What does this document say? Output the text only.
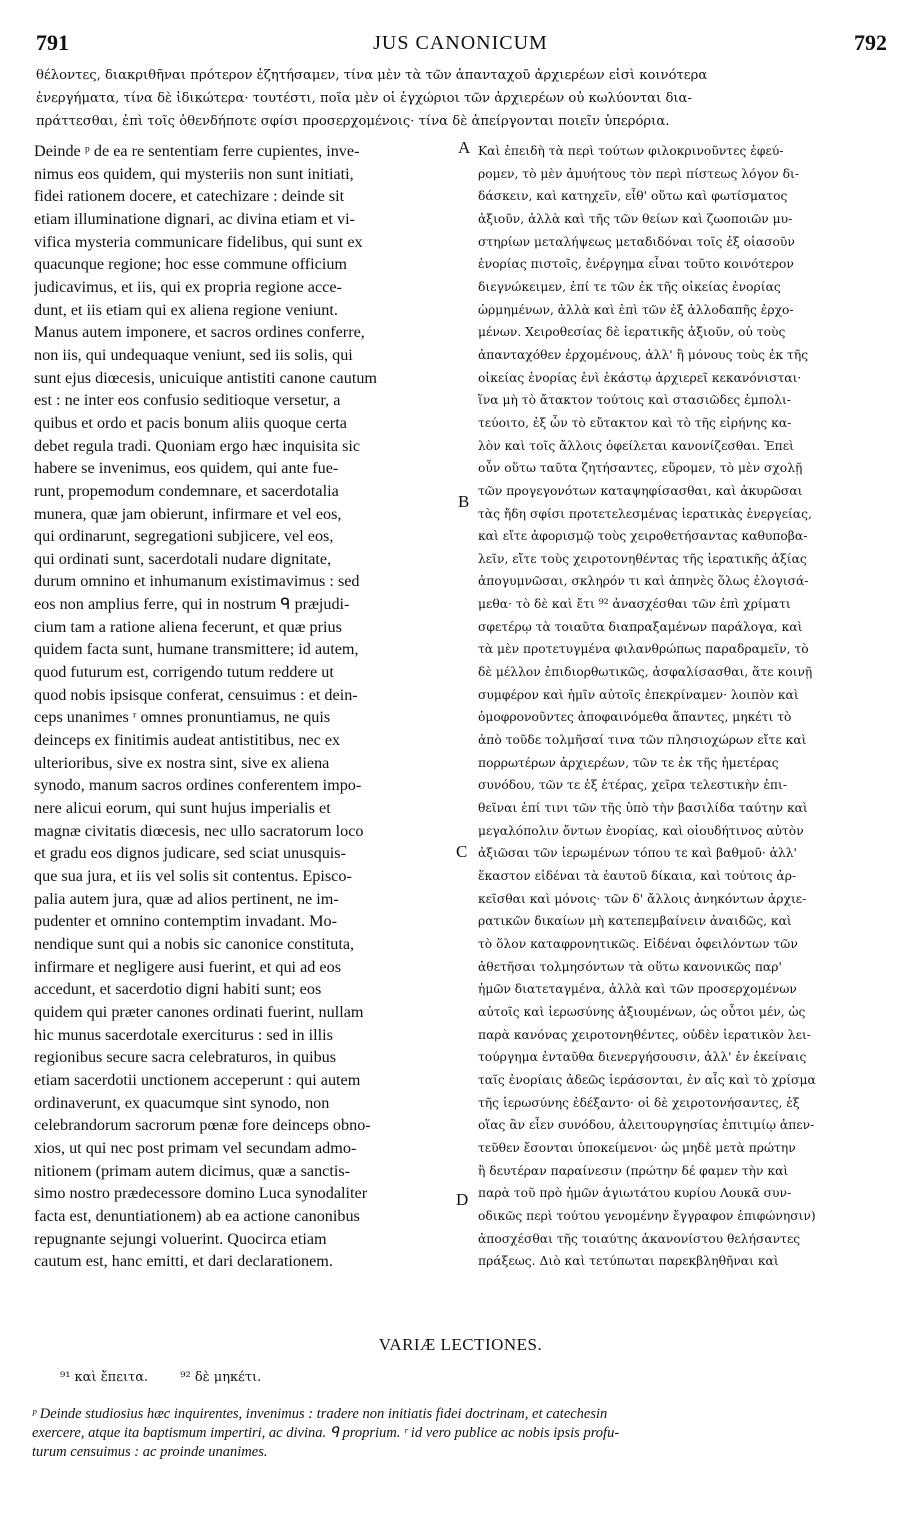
791	JUS CANONICUM	792
θέλοντες, διακριθῆναι πρότερον ἐζητήσαμεν, τίνα μὲν τὰ τῶν ἁπανταχοῦ ἀρχιερέων εἰσὶ κοινότερα
ἐνεργήματα, τίνα δὲ ἰδικώτερα· τουτέστι, ποῖα μὲν οἱ ἐγχώριοι τῶν ἀρχιερέων οὐ κωλύονται δια-
πράττεσθαι, ἐπὶ τοῖς ὁθενδήποτε σφίσι προσερχομένοις· τίνα δὲ ἀπείργονται ποιεῖν ὑπερόρια.
Deinde ᵖ de ea re sententiam ferre cupientes, inve-
nimus eos quidem, qui mysteriis non sunt initiati,
fidei rationem docere, et catechizare : deinde sit
etiam illuminatione dignari, ac divina etiam et vi-
vifica mysteria communicare fidelibus, qui sunt ex
quacunque regione; hoc esse commune officium
judicavimus, et iis, qui ex propria regione acce-
dunt, et iis etiam qui ex aliena regione veniunt.
Manus autem imponere, et sacros ordines conferre,
non iis, qui undequaque veniunt, sed iis solis, qui
sunt ejus diœcesis, unicuique antistiti canone cautum
est : ne inter eos confusio seditioque versetur, a
quibus et ordo et pacis bonum aliis quoque certa
debet regula tradi. Quoniam ergo hæc inquisita sic
habere se invenimus, eos quidem, qui ante fue-
runt, propemodum condemnare, et sacerdotalia
munera, quæ jam obierunt, infirmare et vel eos,
qui ordinarunt, segregationi subjicere, vel eos,
qui ordinati sunt, sacerdotali nudare dignitate,
durum omnino et inhumanum existimavimus : sed
eos non amplius ferre, qui in nostrum ᑫ præjudi-
cium tam a ratione aliena fecerunt, et quæ prius
quidem facta sunt, humane transmittere; id autem,
quod futurum est, corrigendo tutum reddere ut
quod nobis ipsisque conferat, censuimus : et dein-
ceps unanimes ʳ omnes pronuntiamus, ne quis
deinceps ex finitimis audeat antistitibus, nec ex
ulterioribus, sive ex nostra sint, sive ex aliena
synodo, manum sacros ordines conferentem impo-
nere alicui eorum, qui sunt hujus imperialis et
magnæ civitatis diœcesis, nec ullo sacratorum loco
et gradu eos dignos judicare, sed sciat unusquis-
que sua jura, et iis vel solis sit contentus. Episco-
palia autem jura, quæ ad alios pertinent, ne im-
pudenter et omnino contemptim invadant. Mo-
nendique sunt qui a nobis sic canonice constituta,
infirmare et negligere ausi fuerint, et qui ad eos
accedunt, et sacerdotio digni habiti sunt; eos
quidem qui præter canones ordinati fuerint, nullam
hic munus sacerdotale exerciturus : sed in illis
regionibus secure sacra celebraturos, in quibus
etiam sacerdotii unctionem acceperunt : qui autem
ordinaverunt, ex quacumque sint synodo, non
celebrandorum sacrorum pœnæ fore deinceps obno-
xios, ut qui nec post primam vel secundam admo-
nitionem (primam autem dicimus, quæ a sanctis-
simo nostro prædecessore domino Luca synodaliter
facta est, denuntiationem) ab ea actione canonibus
repugnante sejungi voluerint. Quocirca etiam
cautum est, hanc emitti, et dari declarationem.
Καὶ ἐπειδὴ τὰ περὶ τούτων φιλοκρινοῦντες ἐφεύ-
ρομεν, τὸ μὲν ἀμυήτους τὸν περὶ πίστεως λόγον δι-
δάσκειν, καὶ κατηχεῖν, εἶθ' οὕτω καὶ φωτίσματος
ἀξιοῦν, ἀλλὰ καὶ τῆς τῶν θείων καὶ ζωοποιῶν μυ-
στηρίων μεταλήψεως μεταδιδόναι τοῖς ἐξ οἱασοῦν
ἐνορίας πιστοῖς, ἐνέργημα εἶναι τοῦτο κοινότερον
διεγνώκειμεν, ἐπί τε τῶν ἐκ τῆς οἰκείας ἐνορίας
ὡρμημένων, ἀλλὰ καὶ ἐπὶ τῶν ἐξ ἀλλοδαπῆς ἐρχο-
μένων. Χειροθεσίας δὲ ἱερατικῆς ἀξιοῦν, οὐ τοὺς
ἁπανταχόθεν ἐρχομένους, ἀλλ' ἢ μόνους τοὺς ἐκ τῆς
οἰκείας ἐνορίας ἑνὶ ἑκάστῳ ἀρχιερεῖ κεκανόνισται·
ἵνα μὴ τὸ ἄτακτον τούτοις καὶ στασιῶδες ἐμπολι-
τεύοιτο, ἐξ ὧν τὸ εὔτακτον καὶ τὸ τῆς εἰρήνης κα-
λὸν καὶ τοῖς ἄλλοις ὀφείλεται κανονίζεσθαι. Ἐπεὶ
οὖν οὕτω ταῦτα ζητήσαντες, εὕρομεν, τὸ μὲν σχολῇ
τῶν προγεγονότων καταψηφίσασθαι, καὶ ἀκυρῶσαι
τὰς ἤδη σφίσι προτετελεσμένας ἱερατικὰς ἐνεργείας,
καὶ εἴτε ἀφορισμῷ τοὺς χειροθετήσαντας καθυποβα-
λεῖν, εἴτε τοὺς χειροτονηθέντας τῆς ἱερατικῆς ἀξίας
ἀπογυμνῶσαι, σκληρόν τι καὶ ἀπηνὲς ὅλως ἐλογισά-
μεθα· τὸ δὲ καὶ ἔτι ⁹² ἀνασχέσθαι τῶν ἐπὶ χρίματι
σφετέρῳ τὰ τοιαῦτα διαπραξαμένων παράλογα, καὶ
τὰ μὲν προτετυγμένα φιλανθρώπως παραδραμεῖν, τὸ
δὲ μέλλον ἐπιδιορθωτικῶς, ἀσφαλίσασθαι, ἅτε κοινῇ
συμφέρον καὶ ἡμῖν αὐτοῖς ἐπεκρίναμεν· λοιπὸν καὶ
ὁμοφρονοῦντες ἀποφαινόμεθα ἅπαντες, μηκέτι τὸ
ἀπὸ τοῦδε τολμῆσαί τινα τῶν πλησιοχώρων εἴτε καὶ
πορρωτέρων ἀρχιερέων, τῶν τε ἐκ τῆς ἡμετέρας
συνόδου, τῶν τε ἐξ ἑτέρας, χεῖρα τελεστικὴν ἐπι-
θεῖναι ἐπί τινι τῶν τῆς ὑπὸ τὴν βασιλίδα ταύτην καὶ
μεγαλόπολιν ὄντων ἐνορίας, καὶ οἱουδήτινος αὐτὸν
ἀξιῶσαι τῶν ἱερωμένων τόπου τε καὶ βαθμοῦ· ἀλλ'
ἕκαστον εἰδέναι τὰ ἑαυτοῦ δίκαια, καὶ τούτοις ἀρ-
κεῖσθαι καὶ μόνοις· τῶν δ' ἄλλοις ἀνηκόντων ἀρχιε-
ρατικῶν δικαίων μὴ κατεπεμβαίνειν ἀναιδῶς, καὶ
τὸ ὅλον καταφρονητικῶς. Εἰδέναι ὀφειλόντων τῶν
ἀθετῆσαι τολμησόντων τὰ οὕτω κανονικῶς παρ'
ἡμῶν διατεταγμένα, ἀλλὰ καὶ τῶν προσερχομένων
αὐτοῖς καὶ ἱερωσύνης ἀξιουμένων, ὡς οὗτοι μέν, ὡς
παρὰ κανόνας χειροτονηθέντες, οὐδὲν ἱερατικὸν λει-
τούργημα ἐνταῦθα διενεργήσουσιν, ἀλλ' ἐν ἐκείναις
ταῖς ἐνορίαις ἀδεῶς ἱεράσονται, ἐν αἷς καὶ τὸ χρίσμα
τῆς ἱερωσύνης ἐδέξαντο· οἱ δὲ χειροτονήσαντες, ἐξ
οἵας ἂν εἶεν συνόδου, ἀλειτουργησίας ἐπιτιμίῳ ἀπεν-
τεῦθεν ἔσονται ὑποκείμενοι· ὡς μηδὲ μετὰ πρώτην
ἢ δευτέραν παραίνεσιν (πρώτην δέ φαμεν τὴν καὶ
παρὰ τοῦ πρὸ ἡμῶν ἁγιωτάτου κυρίου Λουκᾶ συν-
οδικῶς περὶ τούτου γενομένην ἔγγραφον ἐπιφώνησιν)
ἀποσχέσθαι τῆς τοιαύτης ἀκανονίστου θελήσαντες
πράξεως. Διὸ καὶ τετύπωται παρεκβληθῆναι καὶ
A
B
C
D
VARIÆ LECTIONES.
⁹¹ καὶ ἔπειτα. ⁹² δὲ μηκέτι.
ᵖ Deinde studiosius hæc inquirentes, invenimus : tradere non initiatis fidei doctrinam, et catechesin
exercere, atque ita baptismum impertiri, ac divina. ᑫ proprium. ʳ id vero publice ac nobis ipsis profu-
turum censuimus : ac proinde unanimes.
